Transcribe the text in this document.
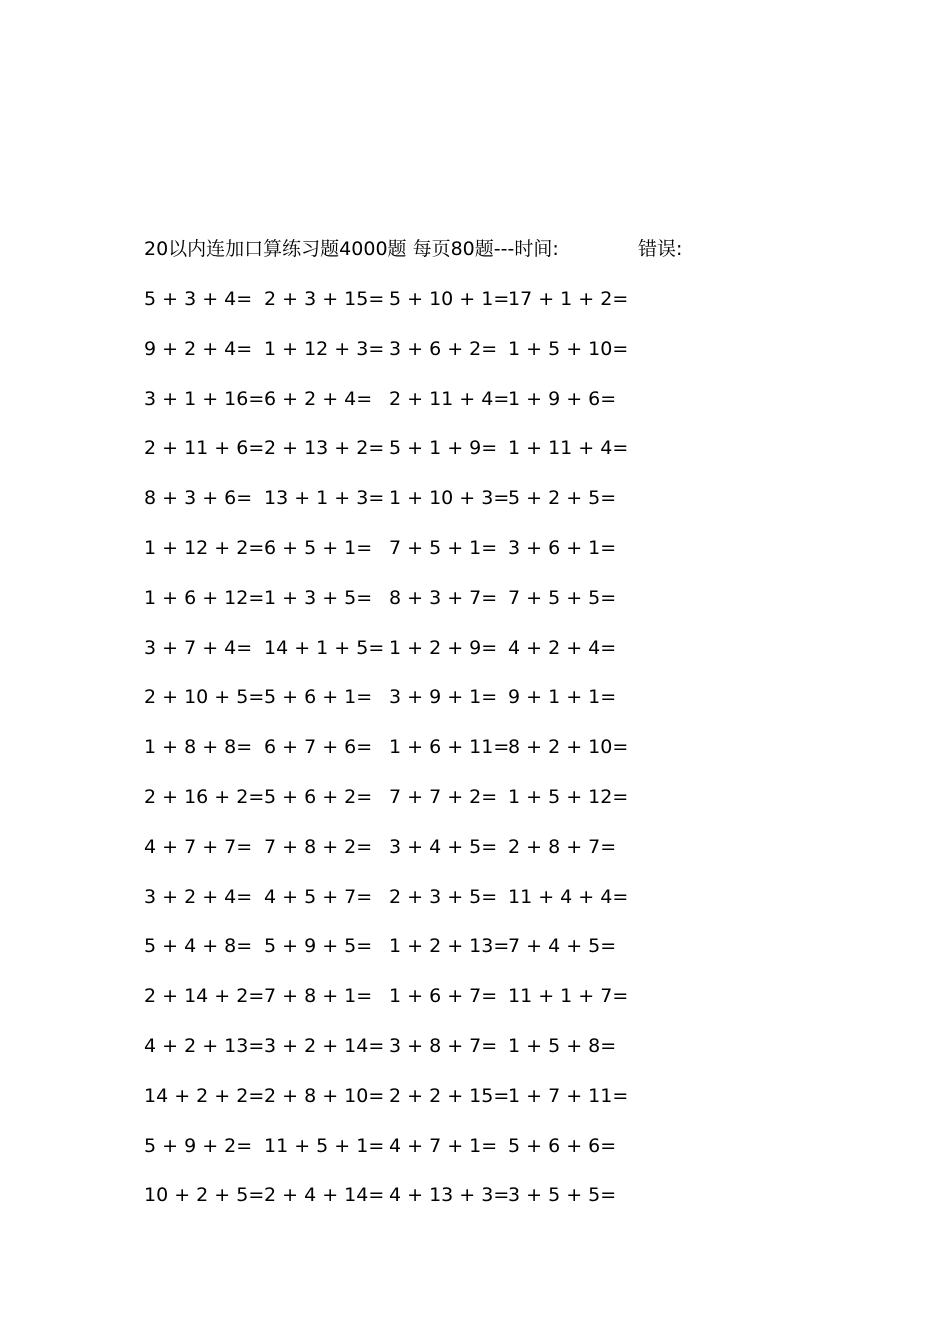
20以内连加口算练习题4000题 每页80题---时间:	错误:
5 + 3 + 4= 2 + 3 + 15= 5 + 10 + 1=
17 + 1 + 2=
9 + 2 + 4= 1 + 12 + 3= 3 + 6 + 2= 1 + 5 + 10=
3 + 1 + 16= 6 + 2 + 4= 2 + 11 + 4=
1 + 9 + 6=
2 + 11 + 6= 2 + 13 + 2= 5 + 1 + 9= 1 + 11 + 4=
8 + 3 + 6= 13 + 1 + 3= 1 + 10 + 3=
5 + 2 + 5=
1 + 12 + 2= 6 + 5 + 1= 7 + 5 + 1= 3 + 6 + 1=
1 + 6 + 12= 1 + 3 + 5= 8 + 3 + 7= 7 + 5 + 5=
3 + 7 + 4= 14 + 1 + 5= 1 + 2 + 9= 4 + 2 + 4=
2 + 10 + 5= 5 + 6 + 1= 3 + 9 + 1= 9 + 1 + 1=
1 + 8 + 8= 6 + 7 + 6= 1 + 6 + 11=
8 + 2 + 10=
2 + 16 + 2= 5 + 6 + 2= 7 + 7 + 2= 1 + 5 + 12=
4 + 7 + 7= 7 + 8 + 2= 3 + 4 + 5= 2 + 8 + 7=
3 + 2 + 4= 4 + 5 + 7= 2 + 3 + 5= 11 + 4 + 4=
5 + 4 + 8= 5 + 9 + 5= 1 + 2 + 13=
7 + 4 + 5=
2 + 14 + 2= 7 + 8 + 1= 1 + 6 + 7= 11 + 1 + 7=
4 + 2 + 13= 3 + 2 + 14= 3 + 8 + 7= 1 + 5 + 8=
14 + 2 + 2= 2 + 8 + 10= 2 + 2 + 15=
1 + 7 + 11=
5 + 9 + 2= 11 + 5 + 1= 4 + 7 + 1= 5 + 6 + 6=
10 + 2 + 5= 2 + 4 + 14= 4 + 13 + 3=
3 + 5 + 5=
